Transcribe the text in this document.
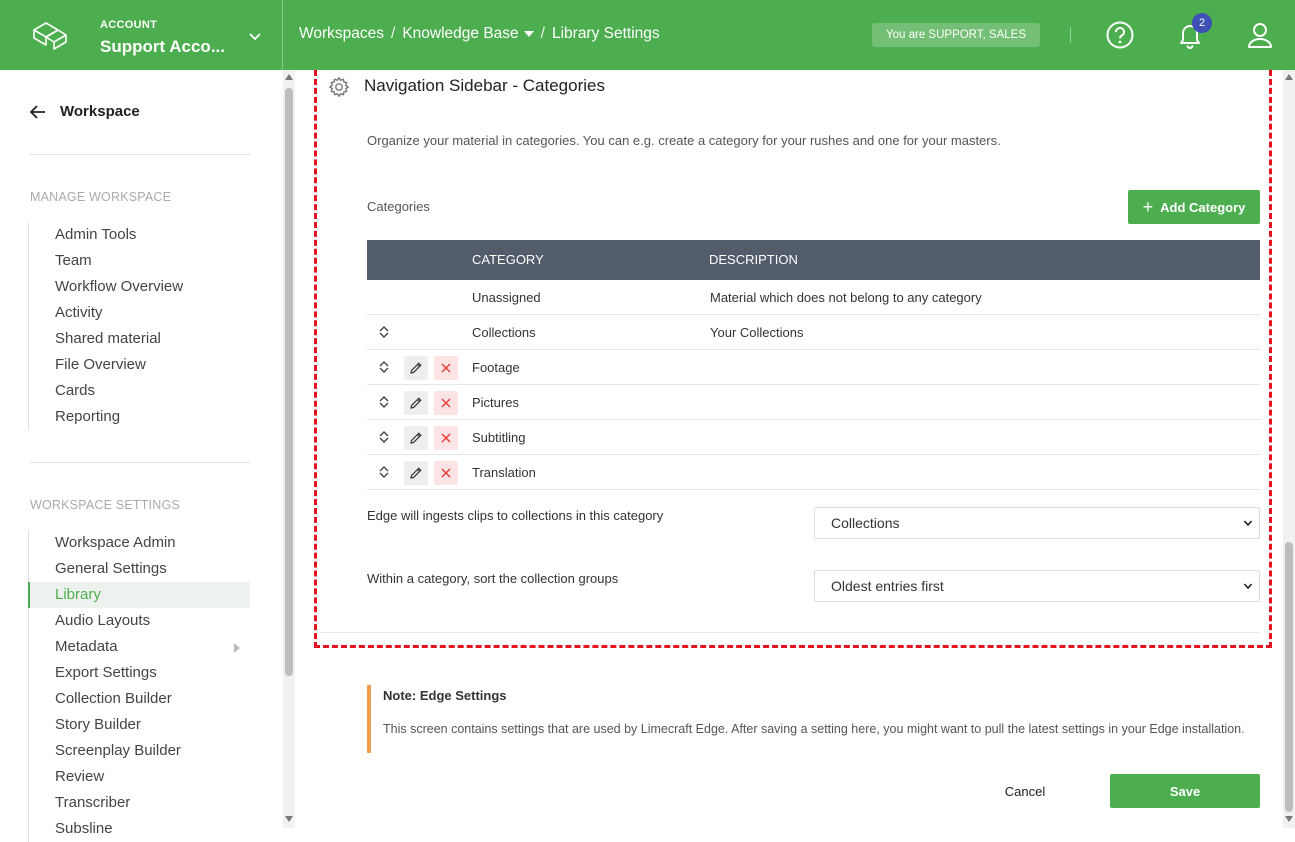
ACCOUNT
Support Acco...
Workspaces / Knowledge Base	/ Library Settings	You are SUPPORT, SALES
2
Workspace
MANAGE WORKSPACE
Admin Tools
Team
Workflow Overview
Activity
Shared material
File Overview
Cards
Reporting
WORKSPACE SETTINGS
Workspace Admin
General Settings
Library
Audio Layouts
Metadata
Export Settings
Collection Builder
Story Builder
Screenplay Builder
Review
Transcriber
Subsline
Navigation Sidebar - Categories
Organize your material in categories. You can e.g. create a category for your rushes and one for your masters.
Categories	+ Add Category
CATEGORY	DESCRIPTION
Unassigned	Material which does not belong to any category
Collections	Your Collections
Footage
Pictures
Subtitling
Translation
Edge will ingests clips to collections in this category	Collections
Within a category, sort the collection groups	Oldest entries first
Note: Edge Settings
This screen contains settings that are used by Limecraft Edge. After saving a setting here, you might want to pull the latest settings in your Edge installation.
Cancel	Save
